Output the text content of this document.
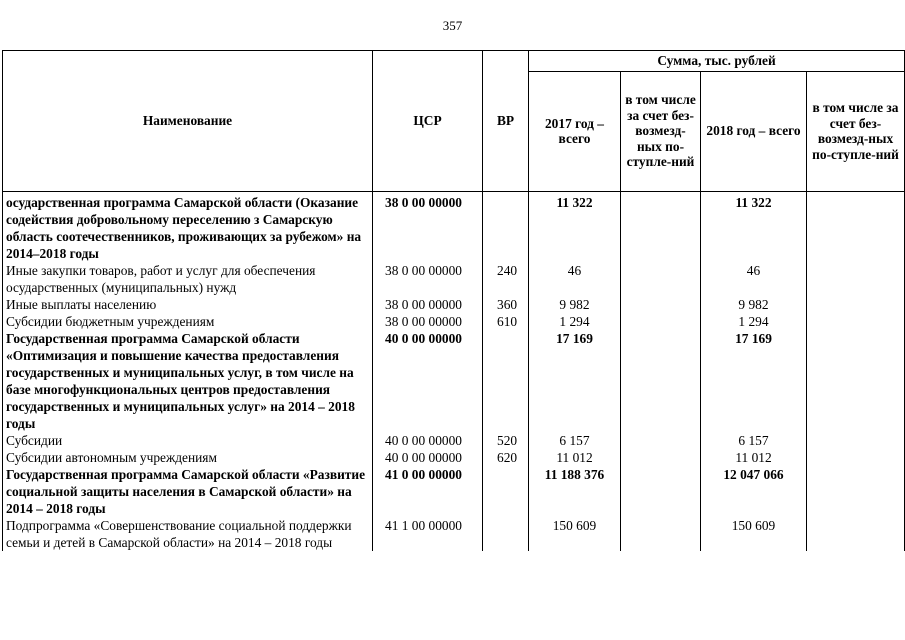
357
Наименование	ЦСР	ВР	Сумма, тыс. рублей			
			2017 год – всего	в том числе за счет без-возмезд-ных по-ступле-ний	2018 год – всего	в том числе за счет без-возмезд-ных по-ступле-ний
осударственная программа Самарской области (Оказание содействия добровольному переселению з Самарскую область соотечественников, проживающих за рубежом» на 2014–2018 годы	38 0 00 00000		11 322		11 322	
Иные закупки товаров, работ и услуг для обеспечения осударственных (муниципальных) нужд	38 0 00 00000	240	46		46	
Иные выплаты населению	38 0 00 00000	360	9 982		9 982	
Субсидии бюджетным учреждениям	38 0 00 00000	610	1 294		1 294	
Государственная программа Самарской области «Оптимизация и повышение качества предоставления государственных и муниципальных услуг, в том числе на базе многофункциональных центров предоставления государственных и муниципальных услуг» на 2014 – 2018 годы	40 0 00 00000		17 169		17 169	
Субсидии	40 0 00 00000	520	6 157		6 157	
Субсидии автономным учреждениям	40 0 00 00000	620	11 012		11 012	
Государственная программа Самарской области «Развитие социальной защиты населения в Самарской области» на 2014 – 2018 годы	41 0 00 00000		11 188 376		12 047 066	
Подпрограмма «Совершенствование социальной поддержки семьи и детей в Самарской области» на 2014 – 2018 годы	41 1 00 00000		150 609		150 609	
